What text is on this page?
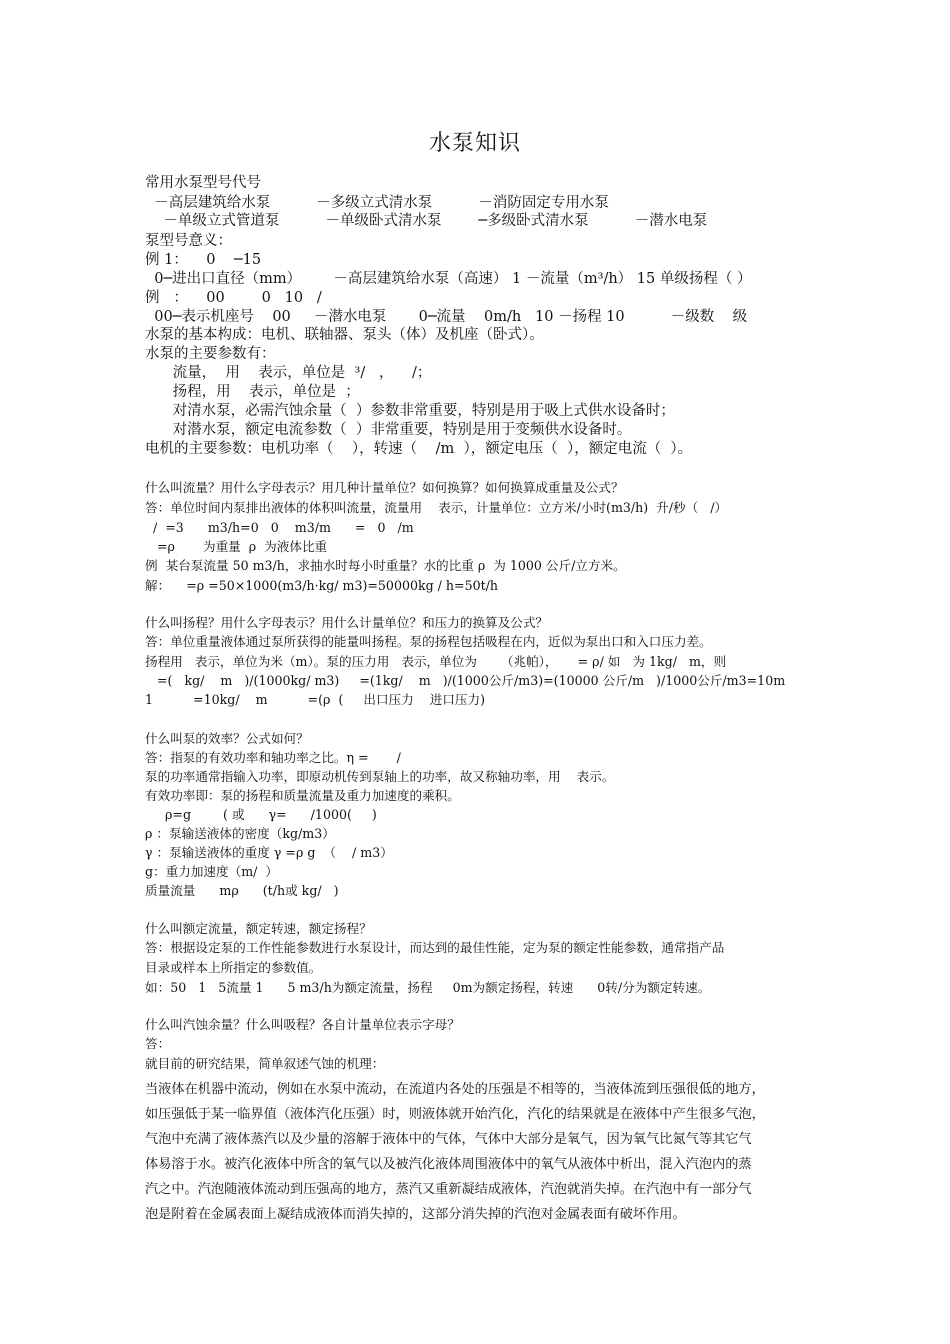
水泵知识
常用水泵型号代号
－高层建筑给水泵          －多级立式清水泵          －消防固定专用水泵
－单级立式管道泵          －单级卧式清水泵        ─多级卧式清水泵          －潜水电泵
泵型号意义：
例 1：    0    ─15
0─进出口直径（mm）       －高层建筑给水泵（高速） 1 －流量（m³/h） 15 单级扬程（ ）
例   ：    00        0   10   /
00─表示机座号    00     －潜水电泵       0─流量    0m/h   10 －扬程 10          －级数    级
水泵的基本构成：电机、联轴器、泵头（体）及机座（卧式）。
水泵的主要参数有：
流量，  用    表示，单位是  ³/   ，    /；
扬程，用    表示，单位是  ；
对清水泵，必需汽蚀余量（  ）参数非常重要，特别是用于吸上式供水设备时；
对潜水泵，额定电流参数（  ）非常重要，特别是用于变频供水设备时。
电机的主要参数：电机功率（    ），转速（    /m  ），额定电压（  ），额定电流（  ）。
什么叫流量？用什么字母表示？用几种计量单位？如何换算？如何换算成重量及公式？
答：单位时间内泵排出液体的体积叫流量，流量用    表示，计量单位：立方米/小时(m3/h)  升/秒（   /）
/  =3      m3/h=0   0    m3/m      =   0   /m
=ρ       为重量  ρ  为液体比重
例  某台泵流量 50 m3/h，求抽水时每小时重量？水的比重 ρ  为 1000 公斤/立方米。
解：    =ρ =50×1000(m3/h·kg/ m3)=50000kg / h=50t/h
什么叫扬程？用什么字母表示？用什么计量单位？和压力的换算及公式？
答：单位重量液体通过泵所获得的能量叫扬程。泵的扬程包括吸程在内，近似为泵出口和入口压力差。
扬程用   表示，单位为米（m）。泵的压力用   表示，单位为      （兆帕），     = ρ/ 如   为 1kg/   m，则
=(   kg/    m   )/(1000kg/ m3)     =(1kg/    m   )/(1000公斤/m3)=(10000 公斤/m   )/1000公斤/m3=10m
1          =10kg/    m          =(ρ  (     出口压力    进口压力)
什么叫泵的效率？公式如何？
答：指泵的有效功率和轴功率之比。η =       /
泵的功率通常指输入功率，即原动机传到泵轴上的功率，故又称轴功率，用    表示。
有效功率即：泵的扬程和质量流量及重力加速度的乘积。
ρ=g        ( 或      γ=      /1000(     )
ρ ：泵输送液体的密度（kg/m3）
γ ：泵输送液体的重度 γ =ρ g  （    / m3）
g：重力加速度（m/  ）
质量流量      mρ      (t/h或 kg/   )
什么叫额定流量，额定转速，额定扬程？
答：根据设定泵的工作性能参数进行水泵设计，而达到的最佳性能，定为泵的额定性能参数，通常指产品
目录或样本上所指定的参数值。
如：50   1   5流量 1      5 m3/h为额定流量，扬程     0m为额定扬程，转速      0转/分为额定转速。
什么叫汽蚀余量？什么叫吸程？各自计量单位表示字母？
答：
就目前的研究结果，简单叙述气蚀的机理：
当液体在机器中流动，例如在水泵中流动，在流道内各处的压强是不相等的，当液体流到压强很低的地方，
如压强低于某一临界值（液体汽化压强）时，则液体就开始汽化，汽化的结果就是在液体中产生很多气泡，
气泡中充满了液体蒸汽以及少量的溶解于液体中的气体，气体中大部分是氧气，因为氧气比氮气等其它气
体易溶于水。被汽化液体中所含的氧气以及被汽化液体周围液体中的氧气从液体中析出，混入汽泡内的蒸
汽之中。汽泡随液体流动到压强高的地方，蒸汽又重新凝结成液体，汽泡就消失掉。在汽泡中有一部分气
泡是附着在金属表面上凝结成液体而消失掉的，这部分消失掉的汽泡对金属表面有破坏作用。
